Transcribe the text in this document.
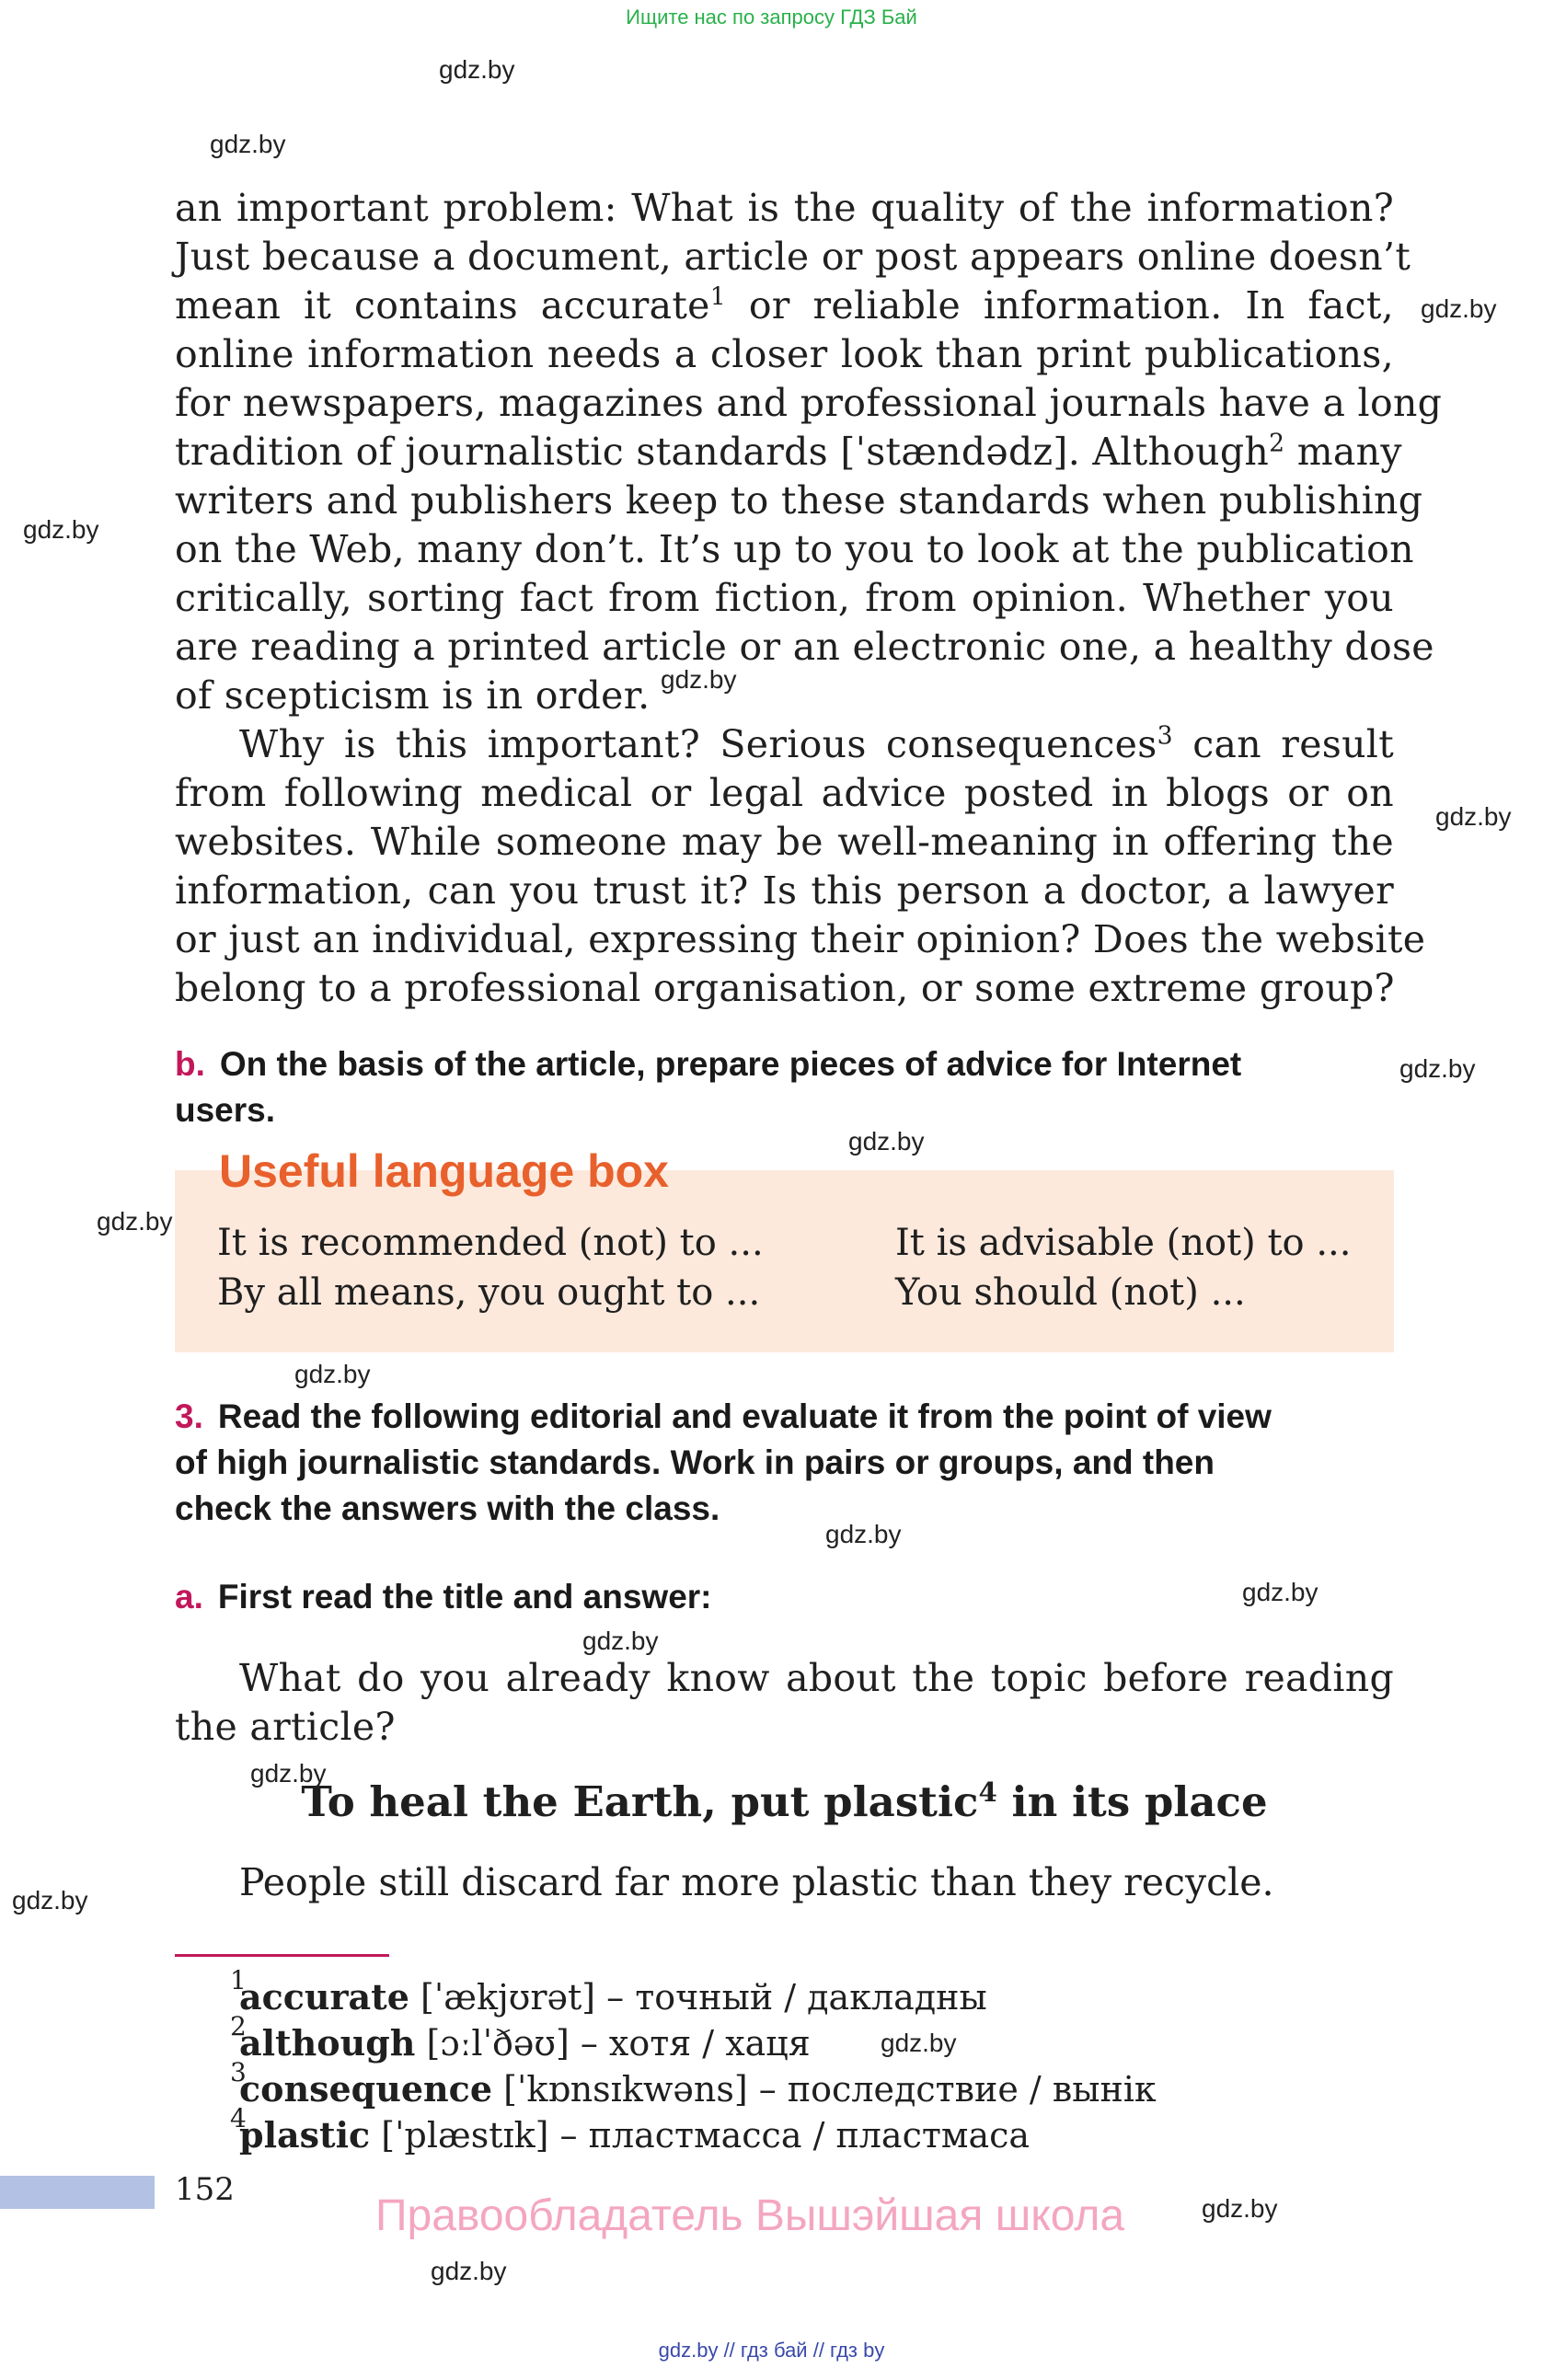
Ищите нас по запросу ГДЗ Бай
gdz.by
gdz.by
gdz.by
gdz.by
gdz.by
gdz.by
gdz.by
gdz.by
gdz.by
gdz.by
gdz.by
gdz.by
gdz.by
gdz.by
gdz.by
gdz.by
gdz.by
gdz.by
an important problem: What is the quality of the information?
Just because a document, article or post appears online doesn’t
mean it contains accurate$^1$ or reliable information. In fact,
online information needs a closer look than print publications,
for newspapers, magazines and professional journals have a long
tradition of journalistic standards [ˈstændədz]. Although$^2$ many
writers and publishers keep to these standards when publishing
on the Web, many don’t. It’s up to you to look at the publication
critically, sorting fact from fiction, from opinion. Whether you
are reading a printed article or an electronic one, a healthy dose
of scepticism is in order.
Why is this important? Serious consequences$^3$ can result
from following medical or legal advice posted in blogs or on
websites. While someone may be well-meaning in offering the
information, can you trust it? Is this person a doctor, a lawyer
or just an individual, expressing their opinion? Does the website
belong to a professional organisation, or some extreme group?
b. On the basis of the article, prepare pieces of advice for Internet
users.
Useful language box
It is recommended (not) to ...	It is advisable (not) to ...
By all means, you ought to ...	You should (not) ...
3. Read the following editorial and evaluate it from the point of view
of high journalistic standards. Work in pairs or groups, and then
check the answers with the class.
a. First read the title and answer:
What do you already know about the topic before reading
the article?
To heal the Earth, put plastic$^4$ in its place
People still discard far more plastic than they recycle.
1
accurate [ˈækjʊrət] – точный / дакладны
2
although [ɔːlˈðəʊ] – хотя / хаця
3
consequence [ˈkɒnsɪkwəns] – последствие / вынік
4
plastic [ˈplæstɪk] – пластмасса / пластмаса
152
Правообладатель Вышэйшая школа
gdz.by // гдз бай // гдз by
